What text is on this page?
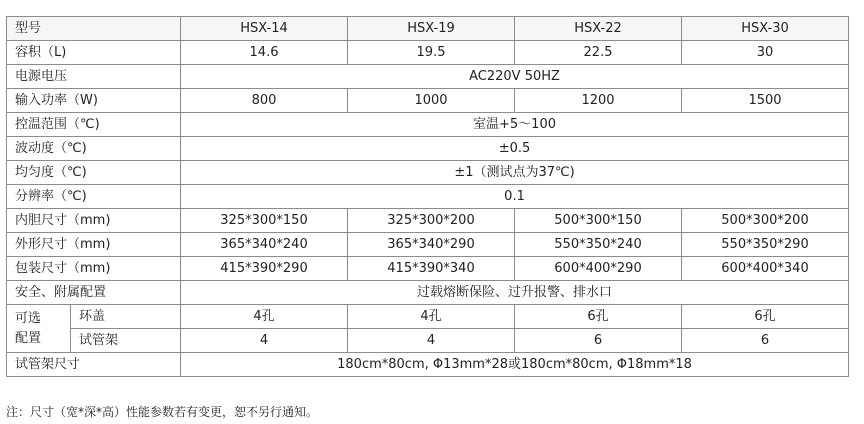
型号		HSX-14	HSX-19	HSX-22	HSX-30
容积（L)		14.6	19.5	22.5	30
电源电压		AC220V 50HZ			
输入功率（W)		800	1000	1200	1500
控温范围（℃)		室温+5～100			
波动度（℃)		±0.5			
均匀度（℃)		±1（测试点为37℃)			
分辨率（℃)		0.1			
内胆尺寸（mm)		325*300*150	325*300*200	500*300*150	500*300*200
外形尺寸（mm)		365*340*240	365*340*290	550*350*240	550*350*290
包装尺寸（mm)		415*390*290	415*390*340	600*400*290	600*400*340
安全、附属配置		过载熔断保险、过升报警、排水口			
可选
配置	环盖	4孔	4孔	6孔	6孔
	试管架	4	4	6	6
试管架尺寸		180cm*80cm, Φ13mm*28或180cm*80cm, Φ18mm*18			
注：尺寸（宽*深*高）性能参数若有变更，恕不另行通知。
